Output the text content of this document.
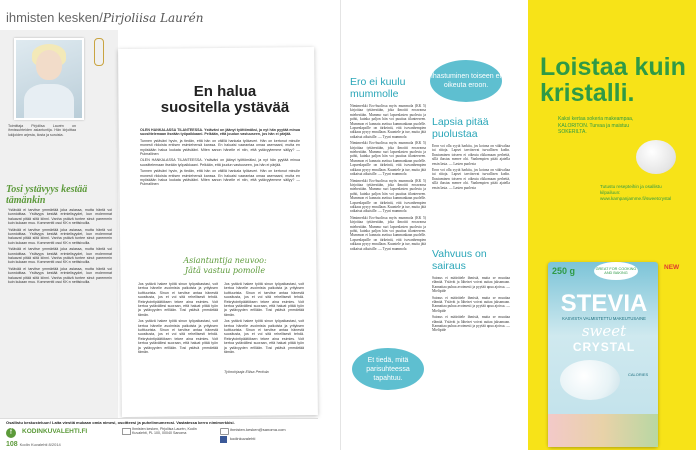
ihmisten kesken/Pirjoliisa Laurén
Toimittaja Pirjoliisa Laurén on ihmissuhteiden asiantuntija. Hän kirjoittaa lukijoiden arjesta, ilosta ja suruista.
Tosi ystävyys kestää tämänkin

Ystävää ei tarvitse ymmärtää joka asiassa, mutta häntä voi kunnioittaa. Ystävyys kestää erimielisyydet, kun molemmat haluavat pitää siitä kiinni. Vanha ystävä tuntee sinut paremmin kuin kukaan muu. Kommentti osui KK:n nettisivuilla.

Ystävää ei tarvitse ymmärtää joka asiassa, mutta häntä voi kunnioittaa. Ystävyys kestää erimielisyydet, kun molemmat haluavat pitää siitä kiinni. Vanha ystävä tuntee sinut paremmin kuin kukaan muu. Kommentti osui KK:n nettisivuilla.

Ystävää ei tarvitse ymmärtää joka asiassa, mutta häntä voi kunnioittaa. Ystävyys kestää erimielisyydet, kun molemmat haluavat pitää siitä kiinni. Vanha ystävä tuntee sinut paremmin kuin kukaan muu. Kommentti osui KK:n nettisivuilla.

Ystävää ei tarvitse ymmärtää joka asiassa, mutta häntä voi kunnioittaa. Ystävyys kestää erimielisyydet, kun molemmat haluavat pitää siitä kiinni. Vanha ystävä tuntee sinut paremmin kuin kukaan muu. Kommentti osui KK:n nettisivuilla.

En halua
suositella ystävää

OLEN HANKALASSA TILANTEESSA. Ystäväni on jäänyt työttömäksi, ja nyt hän pyytää minua suosittelemaan itseään työpaikkaani. Pelkään, että joudun vastuuseen, jos hän ei pärjää.

Tunnen ystäväni hyvin, ja tiedän, että hän on välillä hankala työkaveri. Hän on kertonut minulle monesti riidoista entisen esimiehensä kanssa. En haluaisi vaarantaa omaa asemaani, mutta en myöskään halua loukata ystävääni. Miten sanon hänelle ei niin, että ystävyytemme säilyy? — Pulmallinen

OLEN HANKALASSA TILANTEESSA. Ystäväni on jäänyt työttömäksi, ja nyt hän pyytää minua suosittelemaan itseään työpaikkaani. Pelkään, että joudun vastuuseen, jos hän ei pärjää.

Tunnen ystäväni hyvin, ja tiedän, että hän on välillä hankala työkaveri. Hän on kertonut minulle monesti riidoista entisen esimiehensä kanssa. En haluaisi vaarantaa omaa asemaani, mutta en myöskään halua loukata ystävääni. Miten sanon hänelle ei niin, että ystävyytemme säilyy? — Pulmallinen

Asiantuntija neuvoo:
Jätä vastuu pomolle

Jos ystävä hakee työtä sinun työpaikastasi, voit kertoa hänelle avoimista paikoista ja yrityksen kulttuurista. Sinun ei tarvitse antaa hänestä suositusta, jos et voi sitä rehellisesti tehdä. Rekrytointipäätöksen tekee aina esimies. Voit kertoa ystävällesi suoraan, että haluat pitää työn ja ystävyyden erillään. Tosi ystävä ymmärtää tämän.

Jos ystävä hakee työtä sinun työpaikastasi, voit kertoa hänelle avoimista paikoista ja yrityksen kulttuurista. Sinun ei tarvitse antaa hänestä suositusta, jos et voi sitä rehellisesti tehdä. Rekrytointipäätöksen tekee aina esimies. Voit kertoa ystävällesi suoraan, että haluat pitää työn ja ystävyyden erillään. Tosi ystävä ymmärtää tämän.

Jos ystävä hakee työtä sinun työpaikastasi, voit kertoa hänelle avoimista paikoista ja yrityksen kulttuurista. Sinun ei tarvitse antaa hänestä suositusta, jos et voi sitä rehellisesti tehdä. Rekrytointipäätöksen tekee aina esimies. Voit kertoa ystävällesi suoraan, että haluat pitää työn ja ystävyyden erillään. Tosi ystävä ymmärtää tämän.

Jos ystävä hakee työtä sinun työpaikastasi, voit kertoa hänelle avoimista paikoista ja yrityksen kulttuurista. Sinun ei tarvitse antaa hänestä suositusta, jos et voi sitä rehellisesti tehdä. Rekrytointipäätöksen tekee aina esimies. Voit kertoa ystävällesi suoraan, että haluat pitää työn ja ystävyyden erillään. Tosi ystävä ymmärtää tämän.

Työnohjaaja Eliisa Perttula
Osallistu keskusteluun! Laita viestiä mukaan omia nimesi, osoitteesi ja puhelinnumerosi. Vastatessa kerro nimimerkkisi.
f	KODINKUVALEHTI.FI
108 Kodin Kuvalehti 8/2014
Ihmisten kesken, Pirjoliisa Laurén, Kodin Kuvalehti, PL 100, 00040 Sanoma
ihmisten.kesken@sanoma.com
kodinkuvalehti
Ero ei kuulu mummolle

Nimimerkki Ero-huolissa myös mummola (KK 5) kirjoittaa tyttärestään, joka ilmoitti eroavansa miehestään. Mummo suri lapsenlasten puolesta ja pohti, kuinka paljon hän voi puuttua tilanteeseen. Mummon ei kannata asettua kummankaan puolelle. Lapsenlapsille on tärkeintä, että isovanhempien rakkaus pysyy ennallaan. Kuuntele ja tue, mutta jätä ratkaisut aikuisille. — Tyyni mummola

Nimimerkki Ero-huolissa myös mummola (KK 5) kirjoittaa tyttärestään, joka ilmoitti eroavansa miehestään. Mummo suri lapsenlasten puolesta ja pohti, kuinka paljon hän voi puuttua tilanteeseen. Mummon ei kannata asettua kummankaan puolelle. Lapsenlapsille on tärkeintä, että isovanhempien rakkaus pysyy ennallaan. Kuuntele ja tue, mutta jätä ratkaisut aikuisille. — Tyyni mummola

Nimimerkki Ero-huolissa myös mummola (KK 5) kirjoittaa tyttärestään, joka ilmoitti eroavansa miehestään. Mummo suri lapsenlasten puolesta ja pohti, kuinka paljon hän voi puuttua tilanteeseen. Mummon ei kannata asettua kummankaan puolelle. Lapsenlapsille on tärkeintä, että isovanhempien rakkaus pysyy ennallaan. Kuuntele ja tue, mutta jätä ratkaisut aikuisille. — Tyyni mummola

Nimimerkki Ero-huolissa myös mummola (KK 5) kirjoittaa tyttärestään, joka ilmoitti eroavansa miehestään. Mummo suri lapsenlasten puolesta ja pohti, kuinka paljon hän voi puuttua tilanteeseen. Mummon ei kannata asettua kummankaan puolelle. Lapsenlapsille on tärkeintä, että isovanhempien rakkaus pysyy ennallaan. Kuuntele ja tue, mutta jätä ratkaisut aikuisille. — Tyyni mummola

Et tiedä, mitä parisuhteessa tapahtuu.
Ihastuminen toiseen ei oikeuta eroon.
Lapsia pitää puolustaa

Eron voi olla syytä harkita, jos kotona on väkivaltaa tai riitoja. Lapset tarvitsevat turvallisen kodin. Ihastuminen toiseen ei oikeuta rikkomaan perhettä, sillä ihastus menee ohi. Vanhempien pitää ajatella ensin lasta. — Lasten puolesta

Eron voi olla syytä harkita, jos kotona on väkivaltaa tai riitoja. Lapset tarvitsevat turvallisen kodin. Ihastuminen toiseen ei oikeuta rikkomaan perhettä, sillä ihastus menee ohi. Vanhempien pitää ajatella ensin lasta. — Lasten puolesta

Vahvuus on sairaus

Sairaus ei määrittele ihmistä, mutta se muuttaa elämää. Ystävät ja läheiset voivat auttaa jaksamaan. Kannattaa puhua avoimesti ja pyytää apua ajoissa. — Mielipide

Sairaus ei määrittele ihmistä, mutta se muuttaa elämää. Ystävät ja läheiset voivat auttaa jaksamaan. Kannattaa puhua avoimesti ja pyytää apua ajoissa. — Mielipide

Sairaus ei määrittele ihmistä, mutta se muuttaa elämää. Ystävät ja läheiset voivat auttaa jaksamaan. Kannattaa puhua avoimesti ja pyytää apua ajoissa. — Mielipide

Loistaa kuin kristalli.
Kaksi kertaa sokeria makeampaa, KALORITON. Turvaa ja maistuu SOKERILTA.
Tutustu resepteihin ja osallistu kilpailuun: www.kampanjamme.fi/sweetcrystal
250 g	GREAT FOR COOKING AND BAKING
NEW
STEVIA
KASVISTA VALMISTETTU MAKEUTUSAINE
sweet
CRYSTAL
CALORIES
